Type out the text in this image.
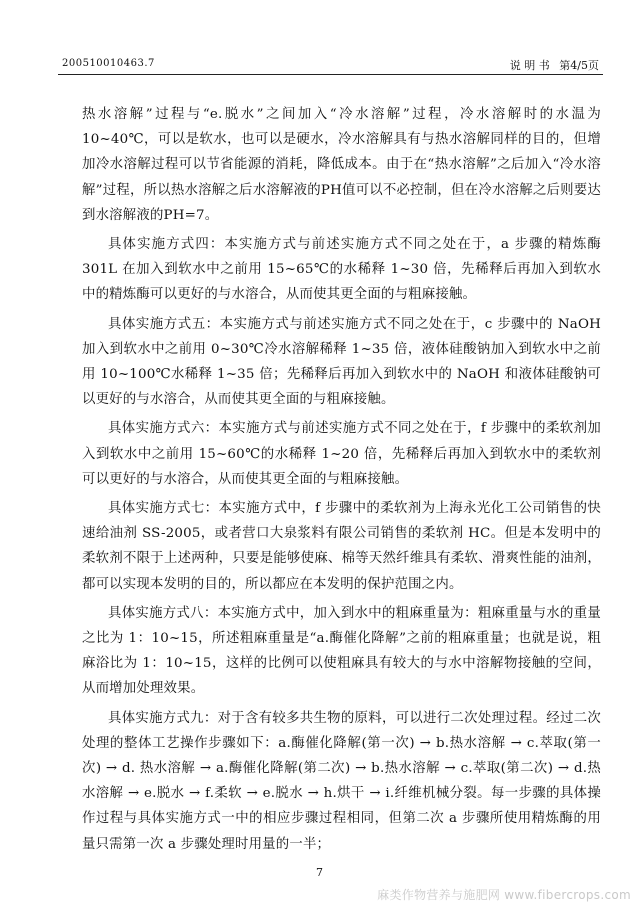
200510010463.7	说 明 书 第4/5页

热水溶解”过程与“e.脱水”之间加入“冷水溶解”过程，冷水溶解时的水温为 10~40℃，可以是软水，也可以是硬水，冷水溶解具有与热水溶解同样的目的，但增加冷水溶解过程可以节省能源的消耗，降低成本。由于在“热水溶解”之后加入“冷水溶解”过程，所以热水溶解之后水溶解液的PH值可以不必控制，但在冷水溶解之后则要达到水溶解液的PH=7。

具体实施方式四：本实施方式与前述实施方式不同之处在于，a 步骤的精炼酶 301L 在加入到软水中之前用 15~65℃的水稀释 1~30 倍，先稀释后再加入到软水中的精炼酶可以更好的与水溶合，从而使其更全面的与粗麻接触。

具体实施方式五：本实施方式与前述实施方式不同之处在于，c 步骤中的 NaOH 加入到软水中之前用 0~30℃冷水溶解稀释 1~35 倍，液体硅酸钠加入到软水中之前用 10~100℃水稀释 1~35 倍；先稀释后再加入到软水中的 NaOH 和液体硅酸钠可以更好的与水溶合，从而使其更全面的与粗麻接触。

具体实施方式六：本实施方式与前述实施方式不同之处在于，f 步骤中的柔软剂加入到软水中之前用 15~60℃的水稀释 1~20 倍，先稀释后再加入到软水中的柔软剂可以更好的与水溶合，从而使其更全面的与粗麻接触。

具体实施方式七：本实施方式中，f 步骤中的柔软剂为上海永光化工公司销售的快速给油剂 SS-2005，或者营口大泉浆料有限公司销售的柔软剂 HC。但是本发明中的柔软剂不限于上述两种，只要是能够使麻、棉等天然纤维具有柔软、滑爽性能的油剂，都可以实现本发明的目的，所以都应在本发明的保护范围之内。

具体实施方式八：本实施方式中，加入到水中的粗麻重量为：粗麻重量与水的重量之比为 1：10~15，所述粗麻重量是“a.酶催化降解”之前的粗麻重量；也就是说，粗麻浴比为 1：10~15，这样的比例可以使粗麻具有较大的与水中溶解物接触的空间，从而增加处理效果。

具体实施方式九：对于含有较多共生物的原料，可以进行二次处理过程。经过二次处理的整体工艺操作步骤如下：a.酶催化降解(第一次) → b.热水溶解 → c.萃取(第一次) → d. 热水溶解 → a.酶催化降解(第二次) → b.热水溶解 → c.萃取(第二次) → d.热水溶解 → e.脱水 → f.柔软 → e.脱水 → h.烘干 → i.纤维机械分裂。每一步骤的具体操作过程与具体实施方式一中的相应步骤过程相同，但第二次 a 步骤所使用精炼酶的用量只需第一次 a 步骤处理时用量的一半；

7
麻类作物营养与施肥网 www.fibercrops.com
